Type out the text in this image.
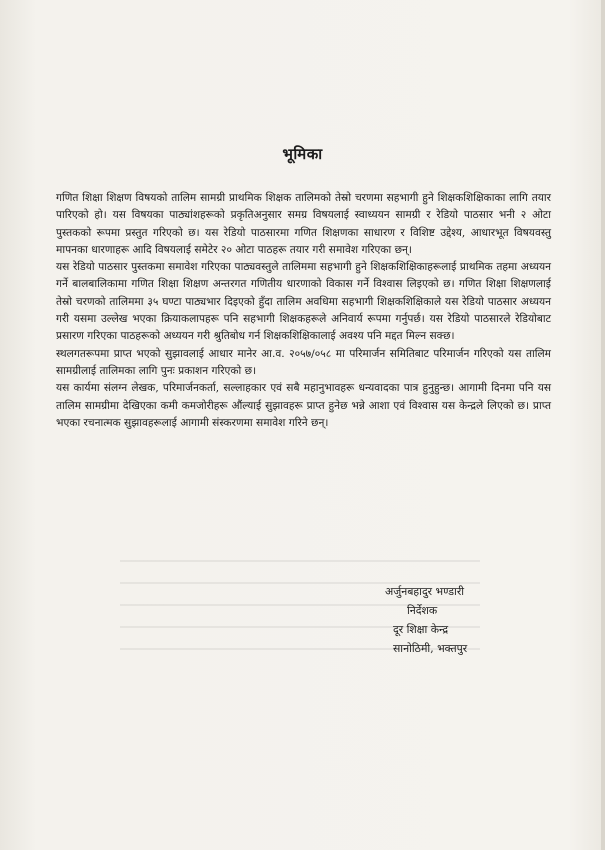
भूमिका

गणित शिक्षा शिक्षण विषयको तालिम सामग्री प्राथमिक शिक्षक तालिमको तेस्रो चरणमा सहभागी हुने शिक्षकशिक्षिकाका लागि तयार पारिएको हो। यस विषयका पाठ्यांशहरूको प्रकृतिअनुसार समग्र विषयलाई स्वाध्ययन सामग्री र रेडियो पाठसार भनी २ ओटा पुस्तकको रूपमा प्रस्तुत गरिएको छ। यस रेडियो पाठसारमा गणित शिक्षणका साधारण र विशिष्ट उद्देश्य, आधारभूत विषयवस्तु मापनका धारणाहरू आदि विषयलाई समेटेर २० ओटा पाठहरू तयार गरी समावेश गरिएका छन्।

यस रेडियो पाठसार पुस्तकमा समावेश गरिएका पाठ्यवस्तुले तालिममा सहभागी हुने शिक्षकशिक्षिकाहरूलाई प्राथमिक तहमा अध्ययन गर्ने बालबालिकामा गणित शिक्षा शिक्षण अन्तरगत गणितीय धारणाको विकास गर्ने विश्वास लिइएको छ। गणित शिक्षा शिक्षणलाई तेस्रो चरणको तालिममा ३५ घण्टा पाठ्यभार दिइएको हुँदा तालिम अवधिमा सहभागी शिक्षकशिक्षिकाले यस रेडियो पाठसार अध्ययन गरी यसमा उल्लेख भएका क्रियाकलापहरू पनि सहभागी शिक्षकहरूले अनिवार्य रूपमा गर्नुपर्छ। यस रेडियो पाठसारले रेडियोबाट प्रसारण गरिएका पाठहरूको अध्ययन गरी श्रुतिबोध गर्न शिक्षकशिक्षिकालाई अवश्य पनि मद्दत मिल्न सक्छ।

स्थलगतरूपमा प्राप्त भएको सुझावलाई आधार मानेर आ.व. २०५७/०५८ मा परिमार्जन समितिबाट परिमार्जन गरिएको यस तालिम सामग्रीलाई तालिमका लागि पुनः प्रकाशन गरिएको छ।

यस कार्यमा संलग्न लेखक, परिमार्जनकर्ता, सल्लाहकार एवं सबै महानुभावहरू धन्यवादका पात्र हुनुहुन्छ। आगामी दिनमा पनि यस तालिम सामग्रीमा देखिएका कमी कमजोरीहरू औंल्याई सुझावहरू प्राप्त हुनेछ भन्ने आशा एवं विश्वास यस केन्द्रले लिएको छ। प्राप्त भएका रचनात्मक सुझावहरूलाई आगामी संस्करणमा समावेश गरिने छन्।

अर्जुनबहादुर भण्डारी
निर्देशक
दूर शिक्षा केन्द्र
सानोठिमी, भक्तपुर
